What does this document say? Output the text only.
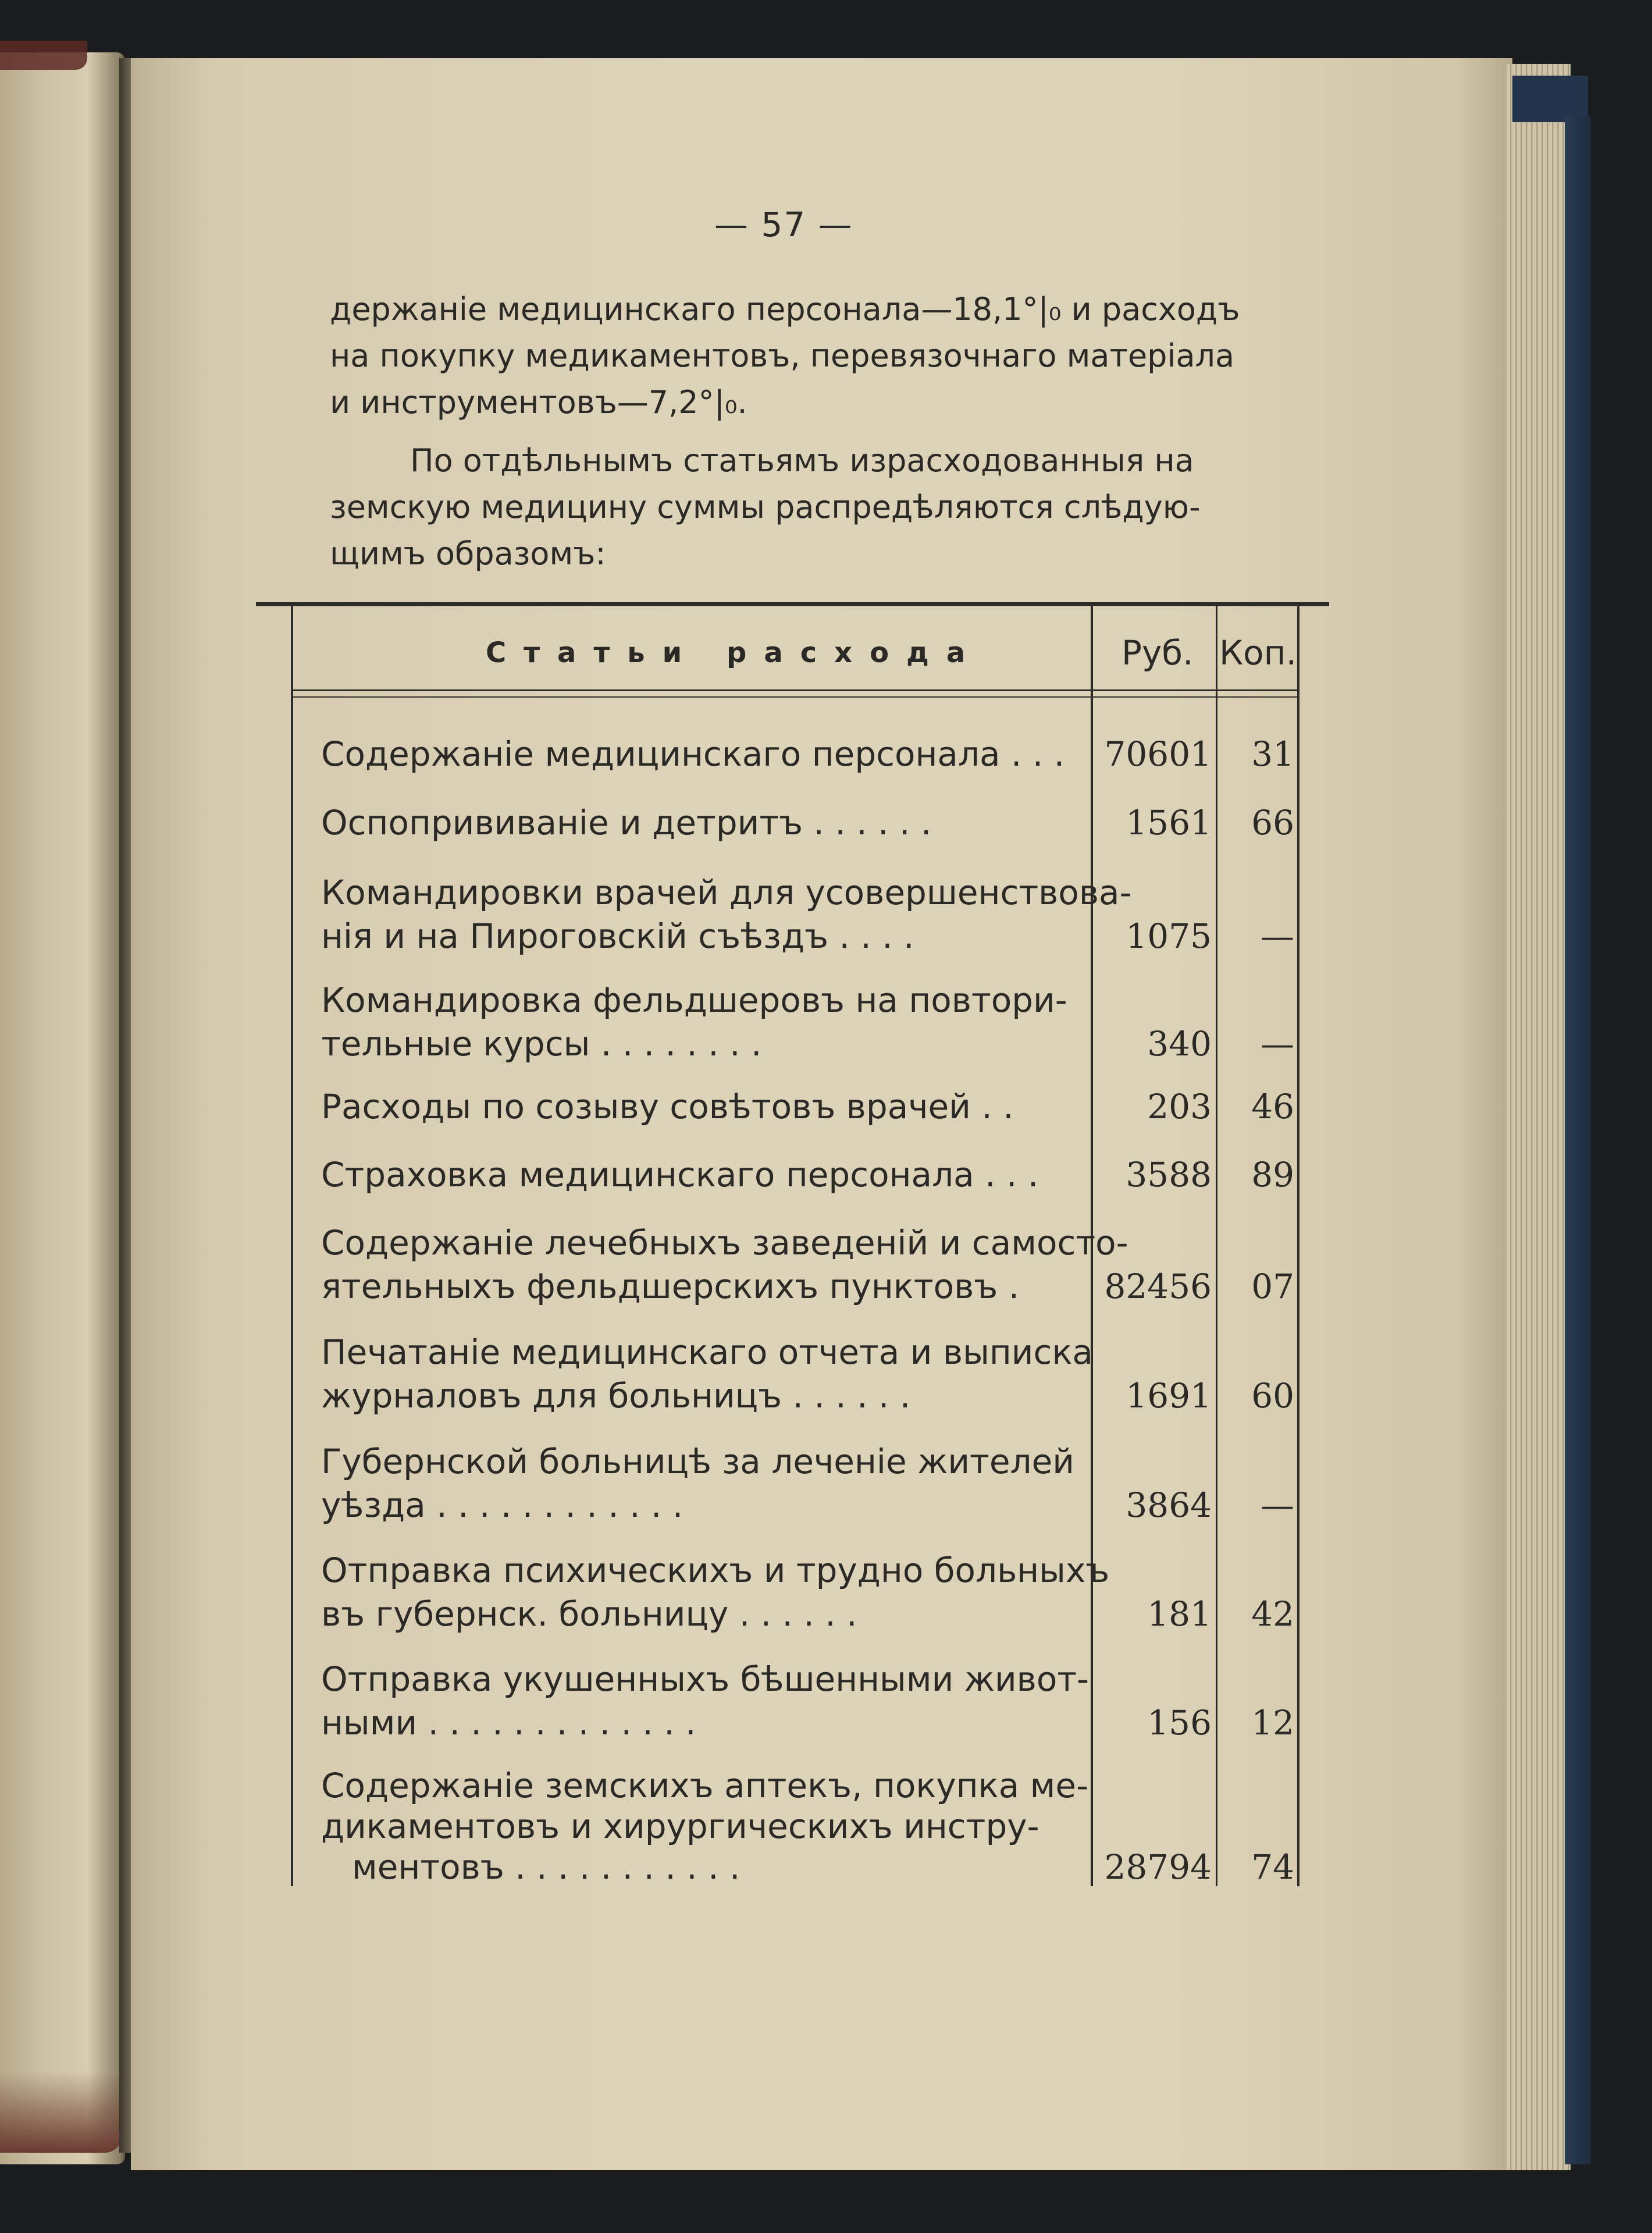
— 57 —
держаніе медицинскаго персонала—18,1°|₀ и расходъ
на покупку медикаментовъ, перевязочнаго матеріала
и инструментовъ—7,2°|₀.
По отдѣльнымъ статьямъ израсходованныя на
земскую медицину суммы распредѣляются слѣдую-
щимъ образомъ:
Статьи расхода	Руб. Коп.
Содержаніе медицинскаго персонала . . .	70601	31
Оспопрививаніе и детритъ . . . . . .	1561	66
Командировки врачей для усовершенствова-
нія и на Пироговскій съѣздъ . . . .	1075	—
Командировка фельдшеровъ на повтори-
тельные курсы . . . . . . . .	340	—
Расходы по созыву совѣтовъ врачей . .	203	46
Страховка медицинскаго персонала . . .	3588	89
Содержаніе лечебныхъ заведеній и самосто-
ятельныхъ фельдшерскихъ пунктовъ .	82456	07
Печатаніе медицинскаго отчета и выписка
журналовъ для больницъ . . . . . .	1691	60
Губернской больницѣ за леченіе жителей
уѣзда . . . . . . . . . . . .	3864	—
Отправка психическихъ и трудно больныхъ
въ губернск. больницу . . . . . .	181	42
Отправка укушенныхъ бѣшенными живот-
ными . . . . . . . . . . . . .	156	12
Содержаніе земскихъ аптекъ, покупка ме-
дикаментовъ и хирургическихъ инстру-
ментовъ . . . . . . . . . . .	28794	74
